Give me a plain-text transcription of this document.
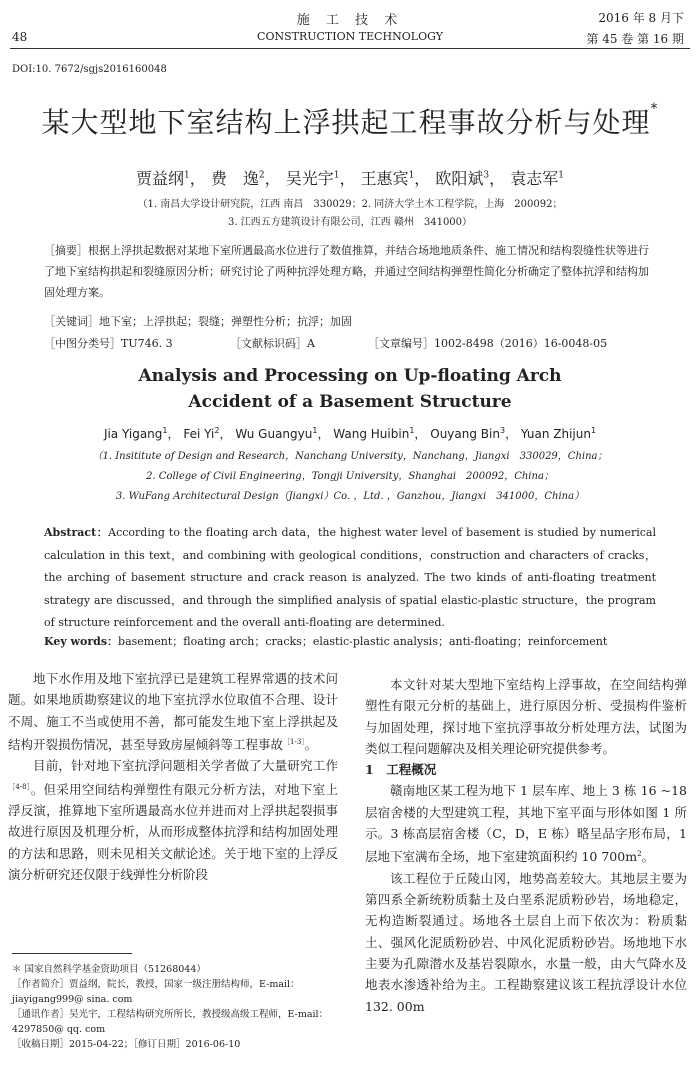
48
施 工 技 术
CONSTRUCTION TECHNOLOGY
2016 年 8 月下
第 45 卷 第 16 期
DOI:10. 7672/sgjs2016160048
某大型地下室结构上浮拱起工程事故分析与处理*
贾益纲$^1$， 费　逸$^2$， 吴光宇$^1$， 王惠宾$^1$， 欧阳斌$^3$， 袁志军$^1$
（1. 南昌大学设计研究院，江西 南昌　330029；2. 同济大学土木工程学院，上海　200092；
3. 江西五方建筑设计有限公司，江西 赣州　341000）
［摘要］根据上浮拱起数据对某地下室所遇最高水位进行了数值推算，并结合场地地质条件、施工情况和结构裂缝性状等进行了地下室结构拱起和裂缝原因分析；研究讨论了两种抗浮处理方略，并通过空间结构弹塑性简化分析确定了整体抗浮和结构加固处理方案。
［关键词］地下室；上浮拱起；裂缝；弹塑性分析；抗浮；加固
［中图分类号］TU746. 3	［文献标识码］A	［文章编号］1002-8498（2016）16-0048-05
Analysis and Processing on Up-floating Arch
Accident of a Basement Structure
Jia Yigang$^1$， Fei Yi$^2$， Wu Guangyu$^1$， Wang Huibin$^1$， Ouyang Bin$^3$， Yuan Zhijun$^1$
（1. Insititute of Design and Research，Nanchang University，Nanchang，Jiangxi　330029，China；
2. College of Civil Engineering，Tongji University，Shanghai　200092，China；
3. WuFang Architectural Design（Jiangxi）Co. ，Ltd. ，Ganzhou，Jiangxi　341000，China）
Abstract：According to the floating arch data，the highest water level of basement is studied by numerical calculation in this text，and combining with geological conditions，construction and characters of cracks，the arching of basement structure and crack reason is analyzed. The two kinds of anti-floating treatment strategy are discussed，and through the simplified analysis of spatial elastic-plastic structure，the program of structure reinforcement and the overall anti-floating are determined.
Key words：basement；floating arch；cracks；elastic-plastic analysis；anti-floating；reinforcement

地下水作用及地下室抗浮已是建筑工程界常遇的技术问题。如果地质勘察建议的地下室抗浮水位取值不合理、设计不周、施工不当或使用不善，都可能发生地下室上浮拱起及结构开裂损伤情况，甚至导致房屋倾斜等工程事故$^{[1-3]}$。

目前，针对地下室抗浮问题相关学者做了大量研究工作$^{[4-8]}$。但采用空间结构弹塑性有限元分析方法，对地下室上浮反演，推算地下室所遇最高水位并进而对上浮拱起裂损事故进行原因及机理分析，从而形成整体抗浮和结构加固处理的方法和思路，则未见相关文献论述。关于地下室的上浮反演分析研究还仅限于线弹性分析阶段

本文针对某大型地下室结构上浮事故，在空间结构弹塑性有限元分析的基础上，进行原因分析、受损构件鉴析与加固处理，探讨地下室抗浮事故分析处理方法，试图为类似工程问题解决及相关理论研究提供参考。

1　工程概况

赣南地区某工程为地下 1 层车库、地上 3 栋 16 ~18 层宿舍楼的大型建筑工程，其地下室平面与形体如图 1 所示。3 栋高层宿舍楼（C，D，E 栋）略呈品字形布局，1 层地下室满布全场，地下室建筑面积约 10 $700m^2$。

该工程位于丘陵山冈，地势高差较大。其地层主要为第四系全新统粉质黏土及白垩系泥质粉砂岩，场地稳定，无构造断裂通过。场地各土层自上而下依次为：粉质黏土、强风化泥质粉砂岩、中风化泥质粉砂岩。场地地下水主要为孔隙潜水及基岩裂隙水，水量一般，由大气降水及地表水渗透补给为主。工程勘察建议该工程抗浮设计水位 132. 00m

＊ 国家自然科学基金资助项目（51268044）
［作者简介］贾益纲，院长，教授，国家一级注册结构师，E-mail：jiayigang999@ sina. com
［通讯作者］吴光宇，工程结构研究所所长，教授级高级工程师，E-mail：4297850@ qq. com
［收稿日期］2015-04-22；［修订日期］2016-06-10
